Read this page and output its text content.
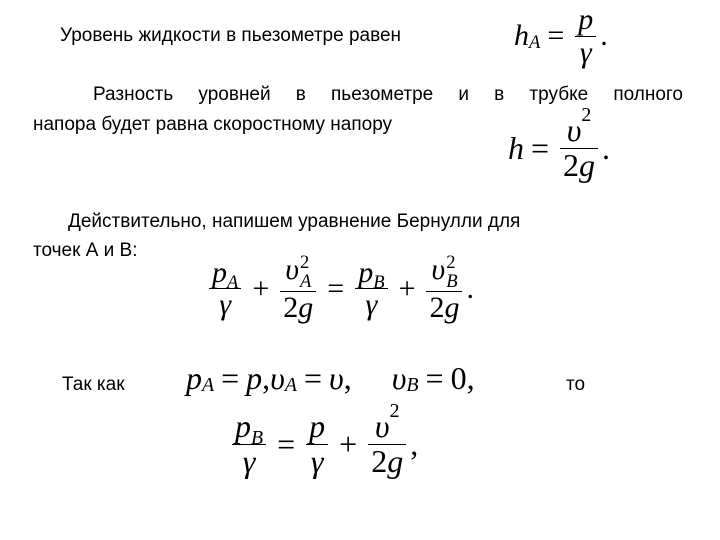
Уровень жидкости в пьезометре равен
Разность уровней в пьезометре и в трубке полного
напора будет равна скоростному напору
Действительно, напишем уравнение Бернулли для
точек А и В:
Так как	то
h $A = \frac{p}{\gamma}$ .
$h = \frac{\upsilon 2}{2g}$ .
$\frac{p_A}{\gamma} + \upsilon$ 2
A
$2g = \frac{p_B}{\gamma} + \upsilon$ 2
B
2g .
p A = p , υ A = υ , υ B = 0 ,
$\frac{p_B}{\gamma} = \frac{p}{\gamma} + \frac{\upsilon 2}{2g}$ ,
